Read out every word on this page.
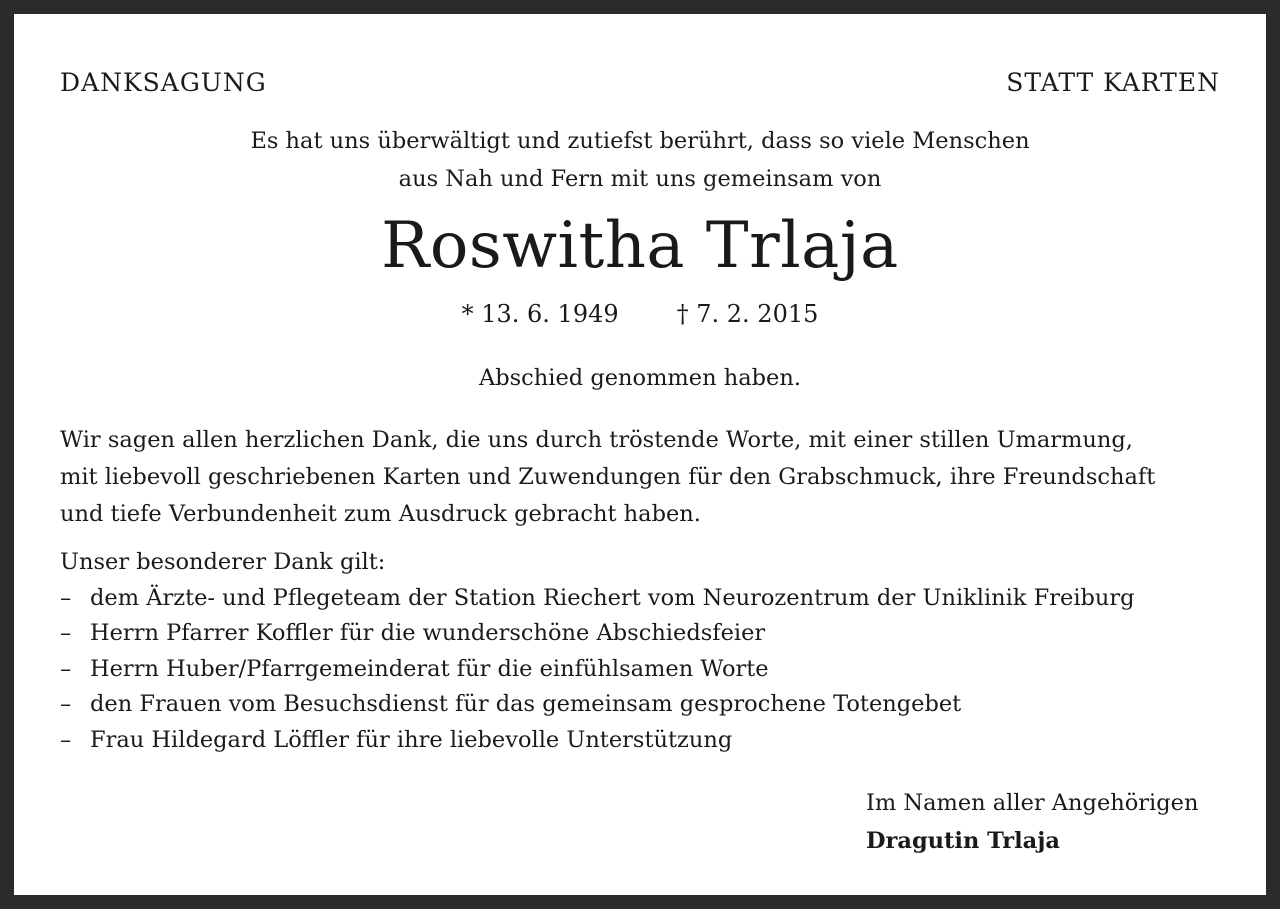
DANKSAGUNG	STATT KARTEN
Es hat uns überwältigt und zutiefst berührt, dass so viele Menschen
aus Nah und Fern mit uns gemeinsam von
Roswitha Trlaja
* 13. 6. 1949 † 7. 2. 2015
Abschied genommen haben.
Wir sagen allen herzlichen Dank, die uns durch tröstende Worte, mit einer stillen Umarmung,
mit liebevoll geschriebenen Karten und Zuwendungen für den Grabschmuck, ihre Freundschaft
und tiefe Verbundenheit zum Ausdruck gebracht haben.
Unser besonderer Dank gilt:
– dem Ärzte- und Pflegeteam der Station Riechert vom Neurozentrum der Uniklinik Freiburg
– Herrn Pfarrer Koffler für die wunderschöne Abschiedsfeier
– Herrn Huber/Pfarrgemeinderat für die einfühlsamen Worte
– den Frauen vom Besuchsdienst für das gemeinsam gesprochene Totengebet
– Frau Hildegard Löffler für ihre liebevolle Unterstützung
Im Namen aller Angehörigen
Dragutin Trlaja
